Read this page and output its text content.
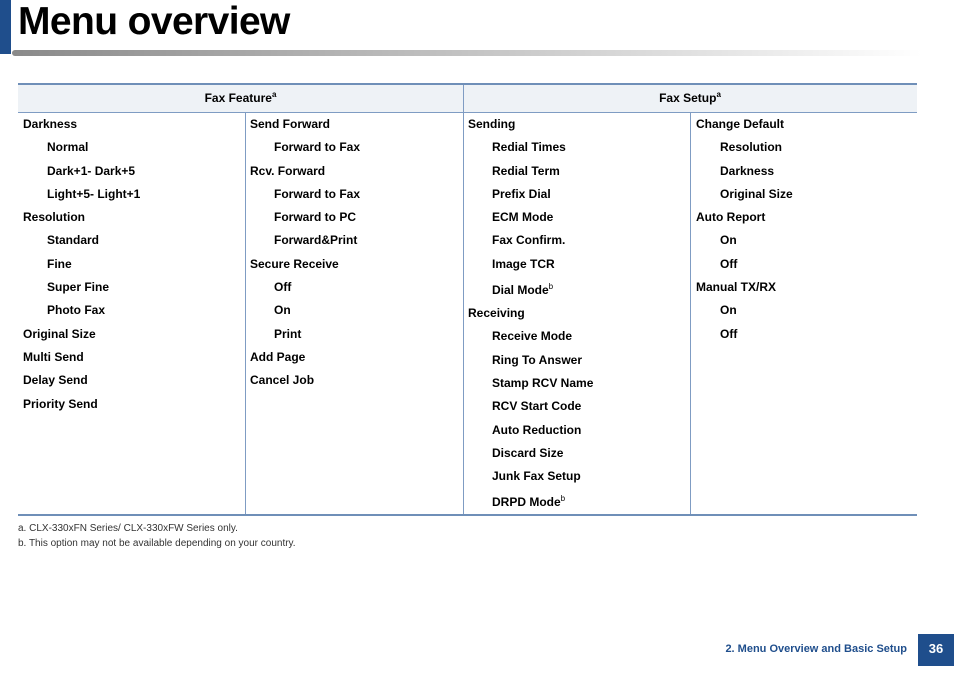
Menu overview
Fax Feature$^a$	Fax Setup$^a$
Darkness
Normal
Dark+1- Dark+5
Light+5- Light+1
Resolution
Standard
Fine
Super Fine
Photo Fax
Original Size
Multi Send
Delay Send
Priority Send
Send Forward
Forward to Fax
Rcv. Forward
Forward to Fax
Forward to PC
Forward&Print
Secure Receive
Off
On
Print
Add Page
Cancel Job
Sending
Redial Times
Redial Term
Prefix Dial
ECM Mode
Fax Confirm.
Image TCR
Dial Mode$^b$
Receiving
Receive Mode
Ring To Answer
Stamp RCV Name
RCV Start Code
Auto Reduction
Discard Size
Junk Fax Setup
DRPD Mode$^b$
Change Default
Resolution
Darkness
Original Size
Auto Report
On
Off
Manual TX/RX
On
Off
a. CLX-330xFN Series/ CLX-330xFW Series only.
b. This option may not be available depending on your country.
2. Menu Overview and Basic Setup	36
